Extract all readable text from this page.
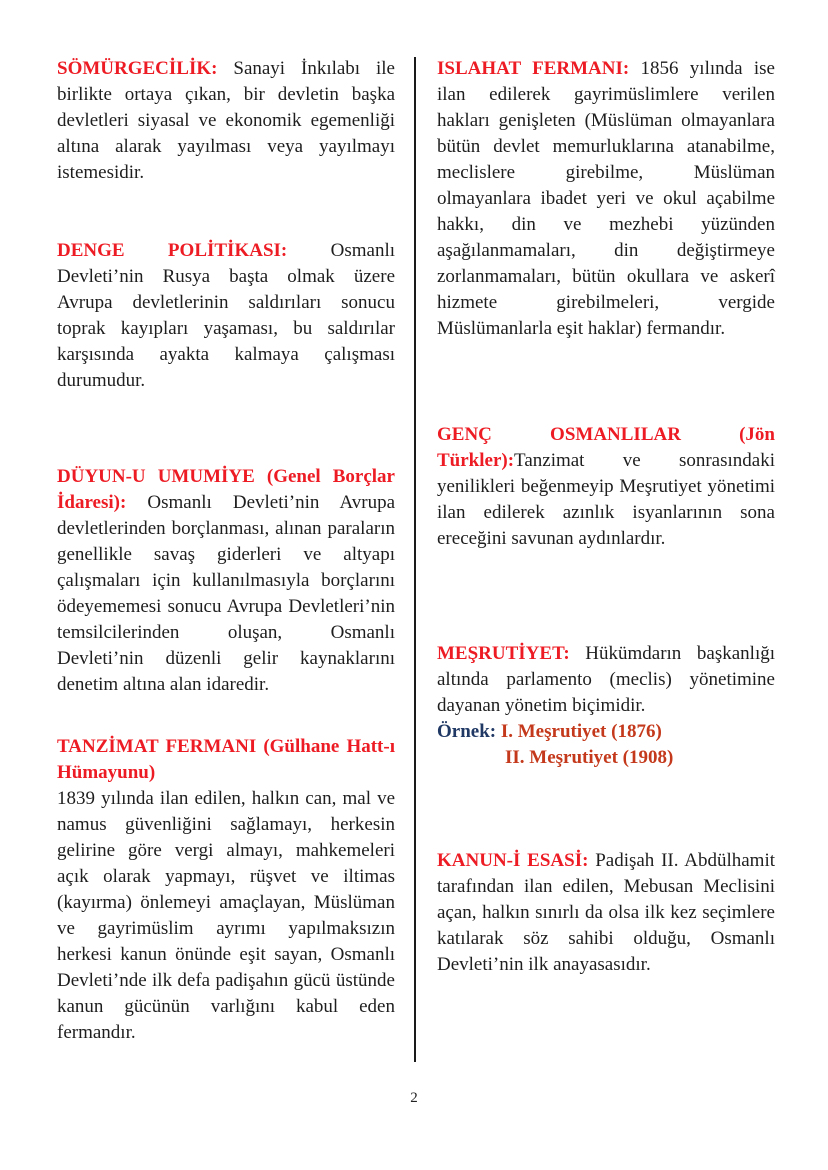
SÖMÜRGECİLİK: Sanayi İnkılabı ile birlikte ortaya çıkan, bir devletin başka devletleri siyasal ve ekonomik egemenliği altına alarak yayılması veya yayılmayı istemesidir.

DENGE POLİTİKASI: Osmanlı Devleti’nin Rusya başta olmak üzere Avrupa devletlerinin saldırıları sonucu toprak kayıpları yaşaması, bu saldırılar karşısında ayakta kalmaya çalışması durumudur.

DÜYUN-U UMUMİYE (Genel Borçlar İdaresi): Osmanlı Devleti’nin Avrupa devletlerinden borçlanması, alınan paraların genellikle savaş giderleri ve altyapı çalışmaları için kullanılmasıyla borçlarını ödeyememesi sonucu Avrupa Devletleri’nin temsilcilerinden oluşan, Osmanlı Devleti’nin düzenli gelir kaynaklarını denetim altına alan idaredir.

TANZİMAT FERMANI (Gülhane Hatt-ı Hümayunu)

1839 yılında ilan edilen, halkın can, mal ve namus güvenliğini sağlamayı, herkesin gelirine göre vergi almayı, mahkemeleri açık olarak yapmayı, rüşvet ve iltimas (kayırma) önlemeyi amaçlayan, Müslüman ve gayrimüslim ayrımı yapılmaksızın herkesi kanun önünde eşit sayan, Osmanlı Devleti’nde ilk defa padişahın gücü üstünde kanun gücünün varlığını kabul eden fermandır.

ISLAHAT FERMANI: 1856 yılında ise ilan edilerek gayrimüslimlere verilen hakları genişleten (Müslüman olmayanlara bütün devlet memurluklarına atanabilme, meclislere girebilme, Müslüman olmayanlara ibadet yeri ve okul açabilme hakkı, din ve mezhebi yüzünden aşağılanmamaları, din değiştirmeye zorlanmamaları, bütün okullara ve askerî hizmete girebilmeleri, vergide Müslümanlarla eşit haklar) fermandır.

GENÇ OSMANLILAR (Jön Türkler):Tanzimat ve sonrasındaki yenilikleri beğenmeyip Meşrutiyet yönetimi ilan edilerek azınlık isyanlarının sona ereceğini savunan aydınlardır.

MEŞRUTİYET: Hükümdarın başkanlığı altında parlamento (meclis) yönetimine dayanan yönetim biçimidir.

Örnek: I. Meşrutiyet (1876)
II. Meşrutiyet (1908)

KANUN-İ ESASİ: Padişah II. Abdülhamit tarafından ilan edilen, Mebusan Meclisini açan, halkın sınırlı da olsa ilk kez seçimlere katılarak söz sahibi olduğu, Osmanlı Devleti’nin ilk anayasasıdır.

2
